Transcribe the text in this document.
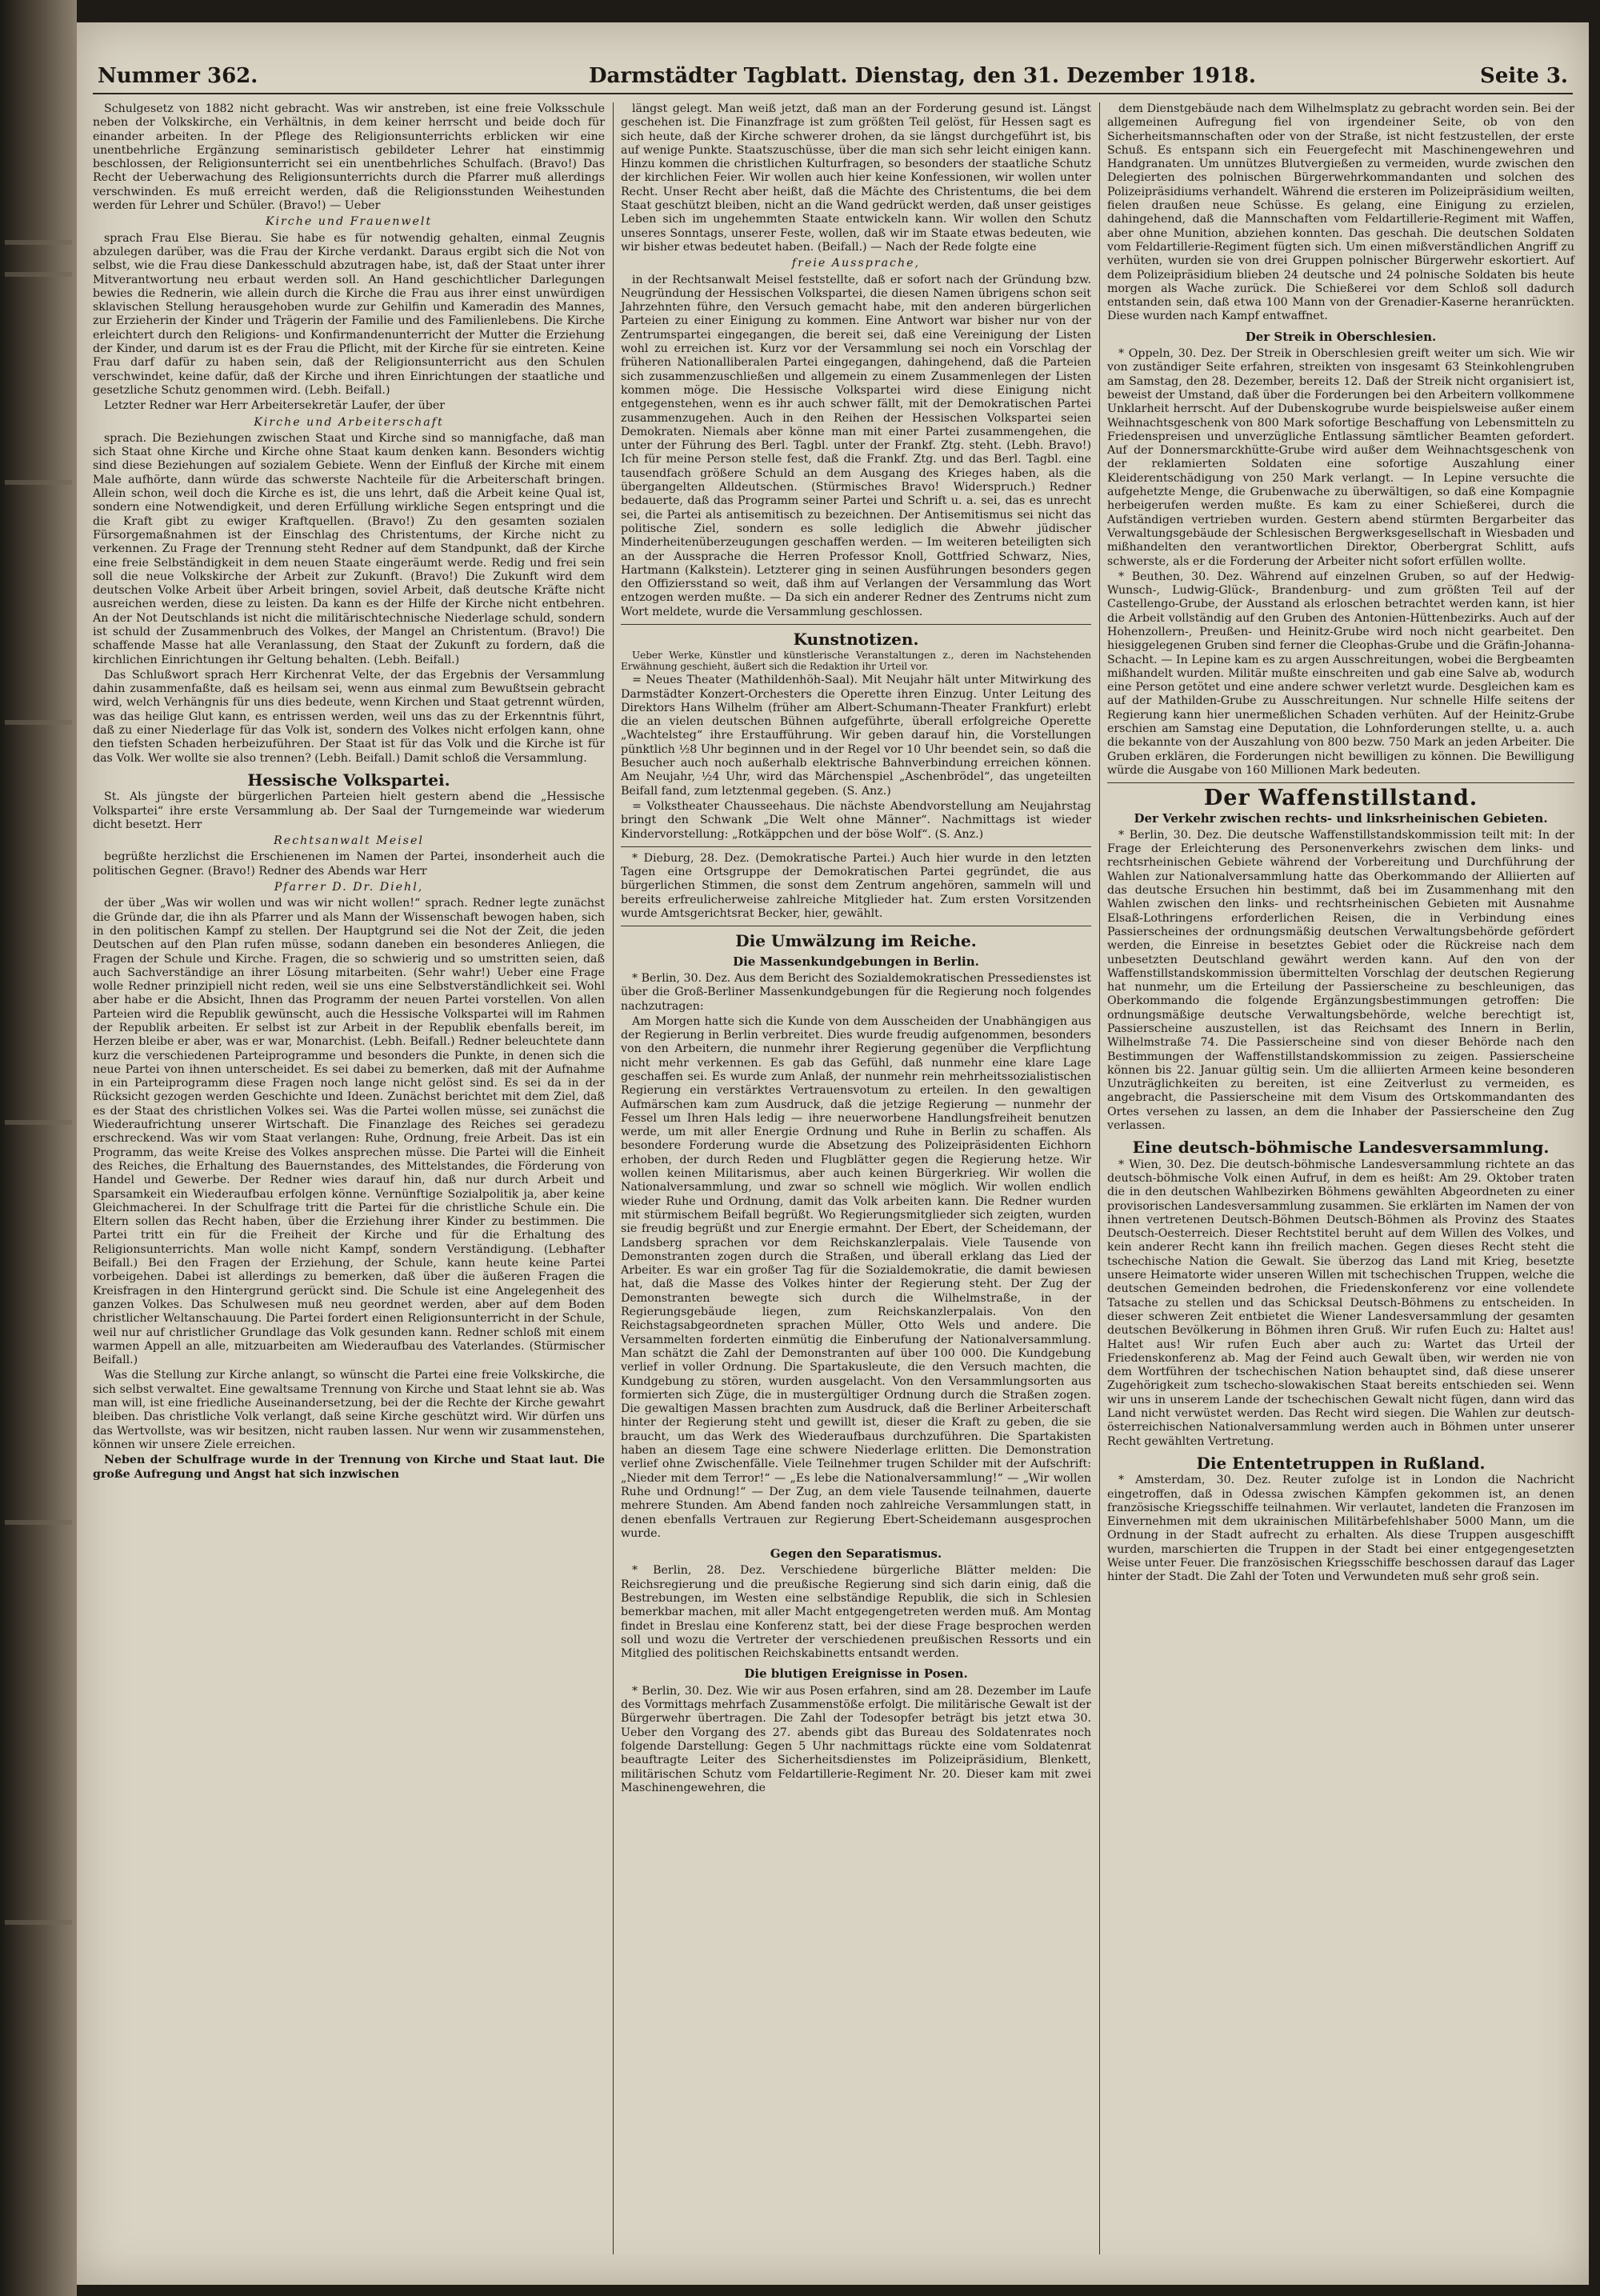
Nummer 362.	Darmstädter Tagblatt. Dienstag, den 31. Dezember 1918.	Seite 3.

Schulgesetz von 1882 nicht gebracht. Was wir anstreben, ist eine freie Volksschule neben der Volkskirche, ein Verhältnis, in dem keiner herrscht und beide doch für einander arbeiten. In der Pflege des Religionsunterrichts erblicken wir eine unentbehrliche Ergänzung seminaristisch gebildeter Lehrer hat einstimmig beschlossen, der Religionsunterricht sei ein unentbehrliches Schulfach. (Bravo!) Das Recht der Ueberwachung des Religionsunterrichts durch die Pfarrer muß allerdings verschwinden. Es muß erreicht werden, daß die Religionsstunden Weihestunden werden für Lehrer und Schüler. (Bravo!) — Ueber

Kirche und Frauenwelt

sprach Frau Else Bierau. Sie habe es für notwendig gehalten, einmal Zeugnis abzulegen darüber, was die Frau der Kirche verdankt. Daraus ergibt sich die Not von selbst, wie die Frau diese Dankesschuld abzutragen habe, ist, daß der Staat unter ihrer Mitverantwortung neu erbaut werden soll. An Hand geschichtlicher Darlegungen bewies die Rednerin, wie allein durch die Kirche die Frau aus ihrer einst unwürdigen sklavischen Stellung herausgehoben wurde zur Gehilfin und Kameradin des Mannes, zur Erzieherin der Kinder und Trägerin der Familie und des Familienlebens. Die Kirche erleichtert durch den Religions- und Konfirmandenunterricht der Mutter die Erziehung der Kinder, und darum ist es der Frau die Pflicht, mit der Kirche für sie eintreten. Keine Frau darf dafür zu haben sein, daß der Religionsunterricht aus den Schulen verschwindet, keine dafür, daß der Kirche und ihren Einrichtungen der staatliche und gesetzliche Schutz genommen wird. (Lebh. Beifall.)

Letzter Redner war Herr Arbeitersekretär Laufer, der über

Kirche und Arbeiterschaft

sprach. Die Beziehungen zwischen Staat und Kirche sind so mannigfache, daß man sich Staat ohne Kirche und Kirche ohne Staat kaum denken kann. Besonders wichtig sind diese Beziehungen auf sozialem Gebiete. Wenn der Einfluß der Kirche mit einem Male aufhörte, dann würde das schwerste Nachteile für die Arbeiterschaft bringen. Allein schon, weil doch die Kirche es ist, die uns lehrt, daß die Arbeit keine Qual ist, sondern eine Notwendigkeit, und deren Erfüllung wirkliche Segen entspringt und die die Kraft gibt zu ewiger Kraftquellen. (Bravo!) Zu den gesamten sozialen Fürsorgemaßnahmen ist der Einschlag des Christentums, der Kirche nicht zu verkennen. Zu Frage der Trennung steht Redner auf dem Standpunkt, daß der Kirche eine freie Selbständigkeit in dem neuen Staate eingeräumt werde. Redig und frei sein soll die neue Volkskirche der Arbeit zur Zukunft. (Bravo!) Die Zukunft wird dem deutschen Volke Arbeit über Arbeit bringen, soviel Arbeit, daß deutsche Kräfte nicht ausreichen werden, diese zu leisten. Da kann es der Hilfe der Kirche nicht entbehren. An der Not Deutschlands ist nicht die militärischtechnische Niederlage schuld, sondern ist schuld der Zusammenbruch des Volkes, der Mangel an Christentum. (Bravo!) Die schaffende Masse hat alle Veranlassung, den Staat der Zukunft zu fordern, daß die kirchlichen Einrichtungen ihr Geltung behalten. (Lebh. Beifall.)

Das Schlußwort sprach Herr Kirchenrat Velte, der das Ergebnis der Versammlung dahin zusammenfaßte, daß es heilsam sei, wenn aus einmal zum Bewußtsein gebracht wird, welch Verhängnis für uns dies bedeute, wenn Kirchen und Staat getrennt würden, was das heilige Glut kann, es entrissen werden, weil uns das zu der Erkenntnis führt, daß zu einer Niederlage für das Volk ist, sondern des Volkes nicht erfolgen kann, ohne den tiefsten Schaden herbeizuführen. Der Staat ist für das Volk und die Kirche ist für das Volk. Wer wollte sie also trennen? (Lebh. Beifall.) Damit schloß die Versammlung.

Hessische Volkspartei.

St. Als jüngste der bürgerlichen Parteien hielt gestern abend die „Hessische Volkspartei“ ihre erste Versammlung ab. Der Saal der Turngemeinde war wiederum dicht besetzt. Herr

Rechtsanwalt Meisel

begrüßte herzlichst die Erschienenen im Namen der Partei, insonderheit auch die politischen Gegner. (Bravo!) Redner des Abends war Herr

Pfarrer D. Dr. Diehl,

der über „Was wir wollen und was wir nicht wollen!“ sprach. Redner legte zunächst die Gründe dar, die ihn als Pfarrer und als Mann der Wissenschaft bewogen haben, sich in den politischen Kampf zu stellen. Der Hauptgrund sei die Not der Zeit, die jeden Deutschen auf den Plan rufen müsse, sodann daneben ein besonderes Anliegen, die Fragen der Schule und Kirche. Fragen, die so schwierig und so umstritten seien, daß auch Sachverständige an ihrer Lösung mitarbeiten. (Sehr wahr!) Ueber eine Frage wolle Redner prinzipiell nicht reden, weil sie uns eine Selbstverständlichkeit sei. Wohl aber habe er die Absicht, Ihnen das Programm der neuen Partei vorstellen. Von allen Parteien wird die Republik gewünscht, auch die Hessische Volkspartei will im Rahmen der Republik arbeiten. Er selbst ist zur Arbeit in der Republik ebenfalls bereit, im Herzen bleibe er aber, was er war, Monarchist. (Lebh. Beifall.) Redner beleuchtete dann kurz die verschiedenen Parteiprogramme und besonders die Punkte, in denen sich die neue Partei von ihnen unterscheidet. Es sei dabei zu bemerken, daß mit der Aufnahme in ein Parteiprogramm diese Fragen noch lange nicht gelöst sind. Es sei da in der Rücksicht gezogen werden Geschichte und Ideen. Zunächst berichtet mit dem Ziel, daß es der Staat des christlichen Volkes sei. Was die Partei wollen müsse, sei zunächst die Wiederaufrichtung unserer Wirtschaft. Die Finanzlage des Reiches sei geradezu erschreckend. Was wir vom Staat verlangen: Ruhe, Ordnung, freie Arbeit. Das ist ein Programm, das weite Kreise des Volkes ansprechen müsse. Die Partei will die Einheit des Reiches, die Erhaltung des Bauernstandes, des Mittelstandes, die Förderung von Handel und Gewerbe. Der Redner wies darauf hin, daß nur durch Arbeit und Sparsamkeit ein Wiederaufbau erfolgen könne. Vernünftige Sozialpolitik ja, aber keine Gleichmacherei. In der Schulfrage tritt die Partei für die christliche Schule ein. Die Eltern sollen das Recht haben, über die Erziehung ihrer Kinder zu bestimmen. Die Partei tritt ein für die Freiheit der Kirche und für die Erhaltung des Religionsunterrichts. Man wolle nicht Kampf, sondern Verständigung. (Lebhafter Beifall.) Bei den Fragen der Erziehung, der Schule, kann heute keine Partei vorbeigehen. Dabei ist allerdings zu bemerken, daß über die äußeren Fragen die Kreisfragen in den Hintergrund gerückt sind. Die Schule ist eine Angelegenheit des ganzen Volkes. Das Schulwesen muß neu geordnet werden, aber auf dem Boden christlicher Weltanschauung. Die Partei fordert einen Religionsunterricht in der Schule, weil nur auf christlicher Grundlage das Volk gesunden kann. Redner schloß mit einem warmen Appell an alle, mitzuarbeiten am Wiederaufbau des Vaterlandes. (Stürmischer Beifall.)

Was die Stellung zur Kirche anlangt, so wünscht die Partei eine freie Volkskirche, die sich selbst verwaltet. Eine gewaltsame Trennung von Kirche und Staat lehnt sie ab. Was man will, ist eine friedliche Auseinandersetzung, bei der die Rechte der Kirche gewahrt bleiben. Das christliche Volk verlangt, daß seine Kirche geschützt wird. Wir dürfen uns das Wertvollste, was wir besitzen, nicht rauben lassen. Nur wenn wir zusammenstehen, können wir unsere Ziele erreichen.

Neben der Schulfrage wurde in der Trennung von Kirche und Staat laut. Die große Aufregung und Angst hat sich inzwischen

längst gelegt. Man weiß jetzt, daß man an der Forderung gesund ist. Längst geschehen ist. Die Finanzfrage ist zum größten Teil gelöst, für Hessen sagt es sich heute, daß der Kirche schwerer drohen, da sie längst durchgeführt ist, bis auf wenige Punkte. Staatszuschüsse, über die man sich sehr leicht einigen kann. Hinzu kommen die christlichen Kulturfragen, so besonders der staatliche Schutz der kirchlichen Feier. Wir wollen auch hier keine Konfessionen, wir wollen unter Recht. Unser Recht aber heißt, daß die Mächte des Christentums, die bei dem Staat geschützt bleiben, nicht an die Wand gedrückt werden, daß unser geistiges Leben sich im ungehemmten Staate entwickeln kann. Wir wollen den Schutz unseres Sonntags, unserer Feste, wollen, daß wir im Staate etwas bedeuten, wie wir bisher etwas bedeutet haben. (Beifall.) — Nach der Rede folgte eine

freie Aussprache,

in der Rechtsanwalt Meisel feststellte, daß er sofort nach der Gründung bzw. Neugründung der Hessischen Volkspartei, die diesen Namen übrigens schon seit Jahrzehnten führe, den Versuch gemacht habe, mit den anderen bürgerlichen Parteien zu einer Einigung zu kommen. Eine Antwort war bisher nur von der Zentrumspartei eingegangen, die bereit sei, daß eine Vereinigung der Listen wohl zu erreichen ist. Kurz vor der Versammlung sei noch ein Vorschlag der früheren Nationalliberalen Partei eingegangen, dahingehend, daß die Parteien sich zusammenzuschließen und allgemein zu einem Zusammenlegen der Listen kommen möge. Die Hessische Volkspartei wird diese Einigung nicht entgegenstehen, wenn es ihr auch schwer fällt, mit der Demokratischen Partei zusammenzugehen. Auch in den Reihen der Hessischen Volkspartei seien Demokraten. Niemals aber könne man mit einer Partei zusammengehen, die unter der Führung des Berl. Tagbl. unter der Frankf. Ztg. steht. (Lebh. Bravo!) Ich für meine Person stelle fest, daß die Frankf. Ztg. und das Berl. Tagbl. eine tausendfach größere Schuld an dem Ausgang des Krieges haben, als die übergangelten Alldeutschen. (Stürmisches Bravo! Widerspruch.) Redner bedauerte, daß das Programm seiner Partei und Schrift u. a. sei, das es unrecht sei, die Partei als antisemitisch zu bezeichnen. Der Antisemitismus sei nicht das politische Ziel, sondern es solle lediglich die Abwehr jüdischer Minderheitenüberzeugungen geschaffen werden. — Im weiteren beteiligten sich an der Aussprache die Herren Professor Knoll, Gottfried Schwarz, Nies, Hartmann (Kalkstein). Letzterer ging in seinen Ausführungen besonders gegen den Offiziersstand so weit, daß ihm auf Verlangen der Versammlung das Wort entzogen werden mußte. — Da sich ein anderer Redner des Zentrums nicht zum Wort meldete, wurde die Versammlung geschlossen.

Kunstnotizen.

Ueber Werke, Künstler und künstlerische Veranstaltungen z., deren im Nachstehenden Erwähnung geschieht, äußert sich die Redaktion ihr Urteil vor.

= Neues Theater (Mathildenhöh-Saal). Mit Neujahr hält unter Mitwirkung des Darmstädter Konzert-Orchesters die Operette ihren Einzug. Unter Leitung des Direktors Hans Wilhelm (früher am Albert-Schumann-Theater Frankfurt) erlebt die an vielen deutschen Bühnen aufgeführte, überall erfolgreiche Operette „Wachtelsteg“ ihre Erstaufführung. Wir geben darauf hin, die Vorstellungen pünktlich ½8 Uhr beginnen und in der Regel vor 10 Uhr beendet sein, so daß die Besucher auch noch außerhalb elektrische Bahnverbindung erreichen können. Am Neujahr, ½4 Uhr, wird das Märchenspiel „Aschenbrödel“, das ungeteilten Beifall fand, zum letztenmal gegeben. (S. Anz.)

= Volkstheater Chausseehaus. Die nächste Abendvorstellung am Neujahrstag bringt den Schwank „Die Welt ohne Männer“. Nachmittags ist wieder Kindervorstellung: „Rotkäppchen und der böse Wolf“. (S. Anz.)

* Dieburg, 28. Dez. (Demokratische Partei.) Auch hier wurde in den letzten Tagen eine Ortsgruppe der Demokratischen Partei gegründet, die aus bürgerlichen Stimmen, die sonst dem Zentrum angehören, sammeln will und bereits erfreulicherweise zahlreiche Mitglieder hat. Zum ersten Vorsitzenden wurde Amtsgerichtsrat Becker, hier, gewählt.

Die Umwälzung im Reiche.
Die Massenkundgebungen in Berlin.

* Berlin, 30. Dez. Aus dem Bericht des Sozialdemokratischen Pressedienstes ist über die Groß-Berliner Massenkundgebungen für die Regierung noch folgendes nachzutragen:

Am Morgen hatte sich die Kunde von dem Ausscheiden der Unabhängigen aus der Regierung in Berlin verbreitet. Dies wurde freudig aufgenommen, besonders von den Arbeitern, die nunmehr ihrer Regierung gegenüber die Verpflichtung nicht mehr verkennen. Es gab das Gefühl, daß nunmehr eine klare Lage geschaffen sei. Es wurde zum Anlaß, der nunmehr rein mehrheitssozialistischen Regierung ein verstärktes Vertrauensvotum zu erteilen. In den gewaltigen Aufmärschen kam zum Ausdruck, daß die jetzige Regierung — nunmehr der Fessel um Ihren Hals ledig — ihre neuerworbene Handlungsfreiheit benutzen werde, um mit aller Energie Ordnung und Ruhe in Berlin zu schaffen. Als besondere Forderung wurde die Absetzung des Polizeipräsidenten Eichhorn erhoben, der durch Reden und Flugblätter gegen die Regierung hetze. Wir wollen keinen Militarismus, aber auch keinen Bürgerkrieg. Wir wollen die Nationalversammlung, und zwar so schnell wie möglich. Wir wollen endlich wieder Ruhe und Ordnung, damit das Volk arbeiten kann. Die Redner wurden mit stürmischem Beifall begrüßt. Wo Regierungsmitglieder sich zeigten, wurden sie freudig begrüßt und zur Energie ermahnt. Der Ebert, der Scheidemann, der Landsberg sprachen vor dem Reichskanzlerpalais. Viele Tausende von Demonstranten zogen durch die Straßen, und überall erklang das Lied der Arbeiter. Es war ein großer Tag für die Sozialdemokratie, die damit bewiesen hat, daß die Masse des Volkes hinter der Regierung steht. Der Zug der Demonstranten bewegte sich durch die Wilhelmstraße, in der Regierungsgebäude liegen, zum Reichskanzlerpalais. Von den Reichstagsabgeordneten sprachen Müller, Otto Wels und andere. Die Versammelten forderten einmütig die Einberufung der Nationalversammlung. Man schätzt die Zahl der Demonstranten auf über 100 000. Die Kundgebung verlief in voller Ordnung. Die Spartakusleute, die den Versuch machten, die Kundgebung zu stören, wurden ausgelacht. Von den Versammlungsorten aus formierten sich Züge, die in mustergültiger Ordnung durch die Straßen zogen. Die gewaltigen Massen brachten zum Ausdruck, daß die Berliner Arbeiterschaft hinter der Regierung steht und gewillt ist, dieser die Kraft zu geben, die sie braucht, um das Werk des Wiederaufbaus durchzuführen. Die Spartakisten haben an diesem Tage eine schwere Niederlage erlitten. Die Demonstration verlief ohne Zwischenfälle. Viele Teilnehmer trugen Schilder mit der Aufschrift: „Nieder mit dem Terror!“ — „Es lebe die Nationalversammlung!“ — „Wir wollen Ruhe und Ordnung!“ — Der Zug, an dem viele Tausende teilnahmen, dauerte mehrere Stunden. Am Abend fanden noch zahlreiche Versammlungen statt, in denen ebenfalls Vertrauen zur Regierung Ebert-Scheidemann ausgesprochen wurde.

Gegen den Separatismus.

* Berlin, 28. Dez. Verschiedene bürgerliche Blätter melden: Die Reichsregierung und die preußische Regierung sind sich darin einig, daß die Bestrebungen, im Westen eine selbständige Republik, die sich in Schlesien bemerkbar machen, mit aller Macht entgegengetreten werden muß. Am Montag findet in Breslau eine Konferenz statt, bei der diese Frage besprochen werden soll und wozu die Vertreter der verschiedenen preußischen Ressorts und ein Mitglied des politischen Reichskabinetts entsandt werden.

Die blutigen Ereignisse in Posen.

* Berlin, 30. Dez. Wie wir aus Posen erfahren, sind am 28. Dezember im Laufe des Vormittags mehrfach Zusammenstöße erfolgt. Die militärische Gewalt ist der Bürgerwehr übertragen. Die Zahl der Todesopfer beträgt bis jetzt etwa 30. Ueber den Vorgang des 27. abends gibt das Bureau des Soldatenrates noch folgende Darstellung: Gegen 5 Uhr nachmittags rückte eine vom Soldatenrat beauftragte Leiter des Sicherheitsdienstes im Polizeipräsidium, Blenkett, militärischen Schutz vom Feldartillerie-Regiment Nr. 20. Dieser kam mit zwei Maschinengewehren, die

dem Dienstgebäude nach dem Wilhelmsplatz zu gebracht worden sein. Bei der allgemeinen Aufregung fiel von irgendeiner Seite, ob von den Sicherheitsmannschaften oder von der Straße, ist nicht festzustellen, der erste Schuß. Es entspann sich ein Feuergefecht mit Maschinengewehren und Handgranaten. Um unnützes Blutvergießen zu vermeiden, wurde zwischen den Delegierten des polnischen Bürgerwehrkommandanten und solchen des Polizeipräsidiums verhandelt. Während die ersteren im Polizeipräsidium weilten, fielen draußen neue Schüsse. Es gelang, eine Einigung zu erzielen, dahingehend, daß die Mannschaften vom Feldartillerie-Regiment mit Waffen, aber ohne Munition, abziehen konnten. Das geschah. Die deutschen Soldaten vom Feldartillerie-Regiment fügten sich. Um einen mißverständlichen Angriff zu verhüten, wurden sie von drei Gruppen polnischer Bürgerwehr eskortiert. Auf dem Polizeipräsidium blieben 24 deutsche und 24 polnische Soldaten bis heute morgen als Wache zurück. Die Schießerei vor dem Schloß soll dadurch entstanden sein, daß etwa 100 Mann von der Grenadier-Kaserne heranrückten. Diese wurden nach Kampf entwaffnet.

Der Streik in Oberschlesien.

* Oppeln, 30. Dez. Der Streik in Oberschlesien greift weiter um sich. Wie wir von zuständiger Seite erfahren, streikten von insgesamt 63 Steinkohlengruben am Samstag, den 28. Dezember, bereits 12. Daß der Streik nicht organisiert ist, beweist der Umstand, daß über die Forderungen bei den Arbeitern vollkommene Unklarheit herrscht. Auf der Dubenskogrube wurde beispielsweise außer einem Weihnachtsgeschenk von 800 Mark sofortige Beschaffung von Lebensmitteln zu Friedenspreisen und unverzügliche Entlassung sämtlicher Beamten gefordert. Auf der Donnersmarckhütte-Grube wird außer dem Weihnachtsgeschenk von der reklamierten Soldaten eine sofortige Auszahlung einer Kleiderentschädigung von 250 Mark verlangt. — In Lepine versuchte die aufgehetzte Menge, die Grubenwache zu überwältigen, so daß eine Kompagnie herbeigerufen werden mußte. Es kam zu einer Schießerei, durch die Aufständigen vertrieben wurden. Gestern abend stürmten Bergarbeiter das Verwaltungsgebäude der Schlesischen Bergwerksgesellschaft in Wiesbaden und mißhandelten den verantwortlichen Direktor, Oberbergrat Schlitt, aufs schwerste, als er die Forderung der Arbeiter nicht sofort erfüllen wollte.

* Beuthen, 30. Dez. Während auf einzelnen Gruben, so auf der Hedwig-Wunsch-, Ludwig-Glück-, Brandenburg- und zum größten Teil auf der Castellengo-Grube, der Ausstand als erloschen betrachtet werden kann, ist hier die Arbeit vollständig auf den Gruben des Antonien-Hüttenbezirks. Auch auf der Hohenzollern-, Preußen- und Heinitz-Grube wird noch nicht gearbeitet. Den hiesiggelegenen Gruben sind ferner die Cleophas-Grube und die Gräfin-Johanna-Schacht. — In Lepine kam es zu argen Ausschreitungen, wobei die Bergbeamten mißhandelt wurden. Militär mußte einschreiten und gab eine Salve ab, wodurch eine Person getötet und eine andere schwer verletzt wurde. Desgleichen kam es auf der Mathilden-Grube zu Ausschreitungen. Nur schnelle Hilfe seitens der Regierung kann hier unermeßlichen Schaden verhüten. Auf der Heinitz-Grube erschien am Samstag eine Deputation, die Lohnforderungen stellte, u. a. auch die bekannte von der Auszahlung von 800 bezw. 750 Mark an jeden Arbeiter. Die Gruben erklären, die Forderungen nicht bewilligen zu können. Die Bewilligung würde die Ausgabe von 160 Millionen Mark bedeuten.

Der Waffenstillstand.
Der Verkehr zwischen rechts- und linksrheinischen Gebieten.

* Berlin, 30. Dez. Die deutsche Waffenstillstandskommission teilt mit: In der Frage der Erleichterung des Personenverkehrs zwischen dem links- und rechtsrheinischen Gebiete während der Vorbereitung und Durchführung der Wahlen zur Nationalversammlung hatte das Oberkommando der Alliierten auf das deutsche Ersuchen hin bestimmt, daß bei im Zusammenhang mit den Wahlen zwischen den links- und rechtsrheinischen Gebieten mit Ausnahme Elsaß-Lothringens erforderlichen Reisen, die in Verbindung eines Passierscheines der ordnungsmäßig deutschen Verwaltungsbehörde gefördert werden, die Einreise in besetztes Gebiet oder die Rückreise nach dem unbesetzten Deutschland gewährt werden kann. Auf den von der Waffenstillstandskommission übermittelten Vorschlag der deutschen Regierung hat nunmehr, um die Erteilung der Passierscheine zu beschleunigen, das Oberkommando die folgende Ergänzungsbestimmungen getroffen: Die ordnungsmäßige deutsche Verwaltungsbehörde, welche berechtigt ist, Passierscheine auszustellen, ist das Reichsamt des Innern in Berlin, Wilhelmstraße 74. Die Passierscheine sind von dieser Behörde nach den Bestimmungen der Waffenstillstandskommission zu zeigen. Passierscheine können bis 22. Januar gültig sein. Um die alliierten Armeen keine besonderen Unzuträglichkeiten zu bereiten, ist eine Zeitverlust zu vermeiden, es angebracht, die Passierscheine mit dem Visum des Ortskommandanten des Ortes versehen zu lassen, an dem die Inhaber der Passierscheine den Zug verlassen.

Eine deutsch-böhmische Landesversammlung.

* Wien, 30. Dez. Die deutsch-böhmische Landesversammlung richtete an das deutsch-böhmische Volk einen Aufruf, in dem es heißt: Am 29. Oktober traten die in den deutschen Wahlbezirken Böhmens gewählten Abgeordneten zu einer provisorischen Landesversammlung zusammen. Sie erklärten im Namen der von ihnen vertretenen Deutsch-Böhmen Deutsch-Böhmen als Provinz des Staates Deutsch-Oesterreich. Dieser Rechtstitel beruht auf dem Willen des Volkes, und kein anderer Recht kann ihn freilich machen. Gegen dieses Recht steht die tschechische Nation die Gewalt. Sie überzog das Land mit Krieg, besetzte unsere Heimatorte wider unseren Willen mit tschechischen Truppen, welche die deutschen Gemeinden bedrohen, die Friedenskonferenz vor eine vollendete Tatsache zu stellen und das Schicksal Deutsch-Böhmens zu entscheiden. In dieser schweren Zeit entbietet die Wiener Landesversammlung der gesamten deutschen Bevölkerung in Böhmen ihren Gruß. Wir rufen Euch zu: Haltet aus! Haltet aus! Wir rufen Euch aber auch zu: Wartet das Urteil der Friedenskonferenz ab. Mag der Feind auch Gewalt üben, wir werden nie von dem Wortführen der tschechischen Nation behauptet sind, daß diese unserer Zugehörigkeit zum tschecho-slowakischen Staat bereits entschieden sei. Wenn wir uns in unserem Lande der tschechischen Gewalt nicht fügen, dann wird das Land nicht verwüstet werden. Das Recht wird siegen. Die Wahlen zur deutsch-österreichischen Nationalversammlung werden auch in Böhmen unter unserer Recht gewählten Vertretung.

Die Ententetruppen in Rußland.

* Amsterdam, 30. Dez. Reuter zufolge ist in London die Nachricht eingetroffen, daß in Odessa zwischen Kämpfen gekommen ist, an denen französische Kriegsschiffe teilnahmen. Wir verlautet, landeten die Franzosen im Einvernehmen mit dem ukrainischen Militärbefehlshaber 5000 Mann, um die Ordnung in der Stadt aufrecht zu erhalten. Als diese Truppen ausgeschifft wurden, marschierten die Truppen in der Stadt bei einer entgegengesetzten Weise unter Feuer. Die französischen Kriegsschiffe beschossen darauf das Lager hinter der Stadt. Die Zahl der Toten und Verwundeten muß sehr groß sein.
